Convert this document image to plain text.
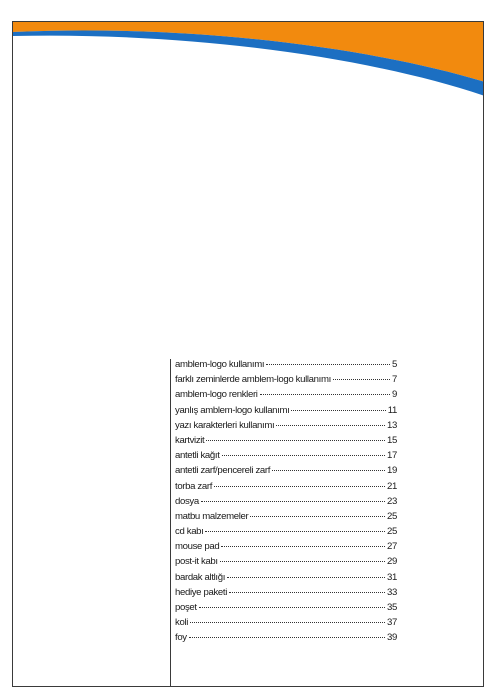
amblem-logo kullanımı	5
farklı zeminlerde amblem-logo kullanımı	7
amblem-logo renkleri	9
yanlış amblem-logo kullanımı	11
yazı karakterleri kullanımı	13
kartvizit	15
antetli kağıt	17
antetli zarf/pencereli zarf	19
torba zarf	21
dosya	23
matbu malzemeler	25
cd kabı	25
mouse pad	27
post-it kabı	29
bardak altlığı	31
hediye paketi	33
poşet	35
koli	37
foy	39
